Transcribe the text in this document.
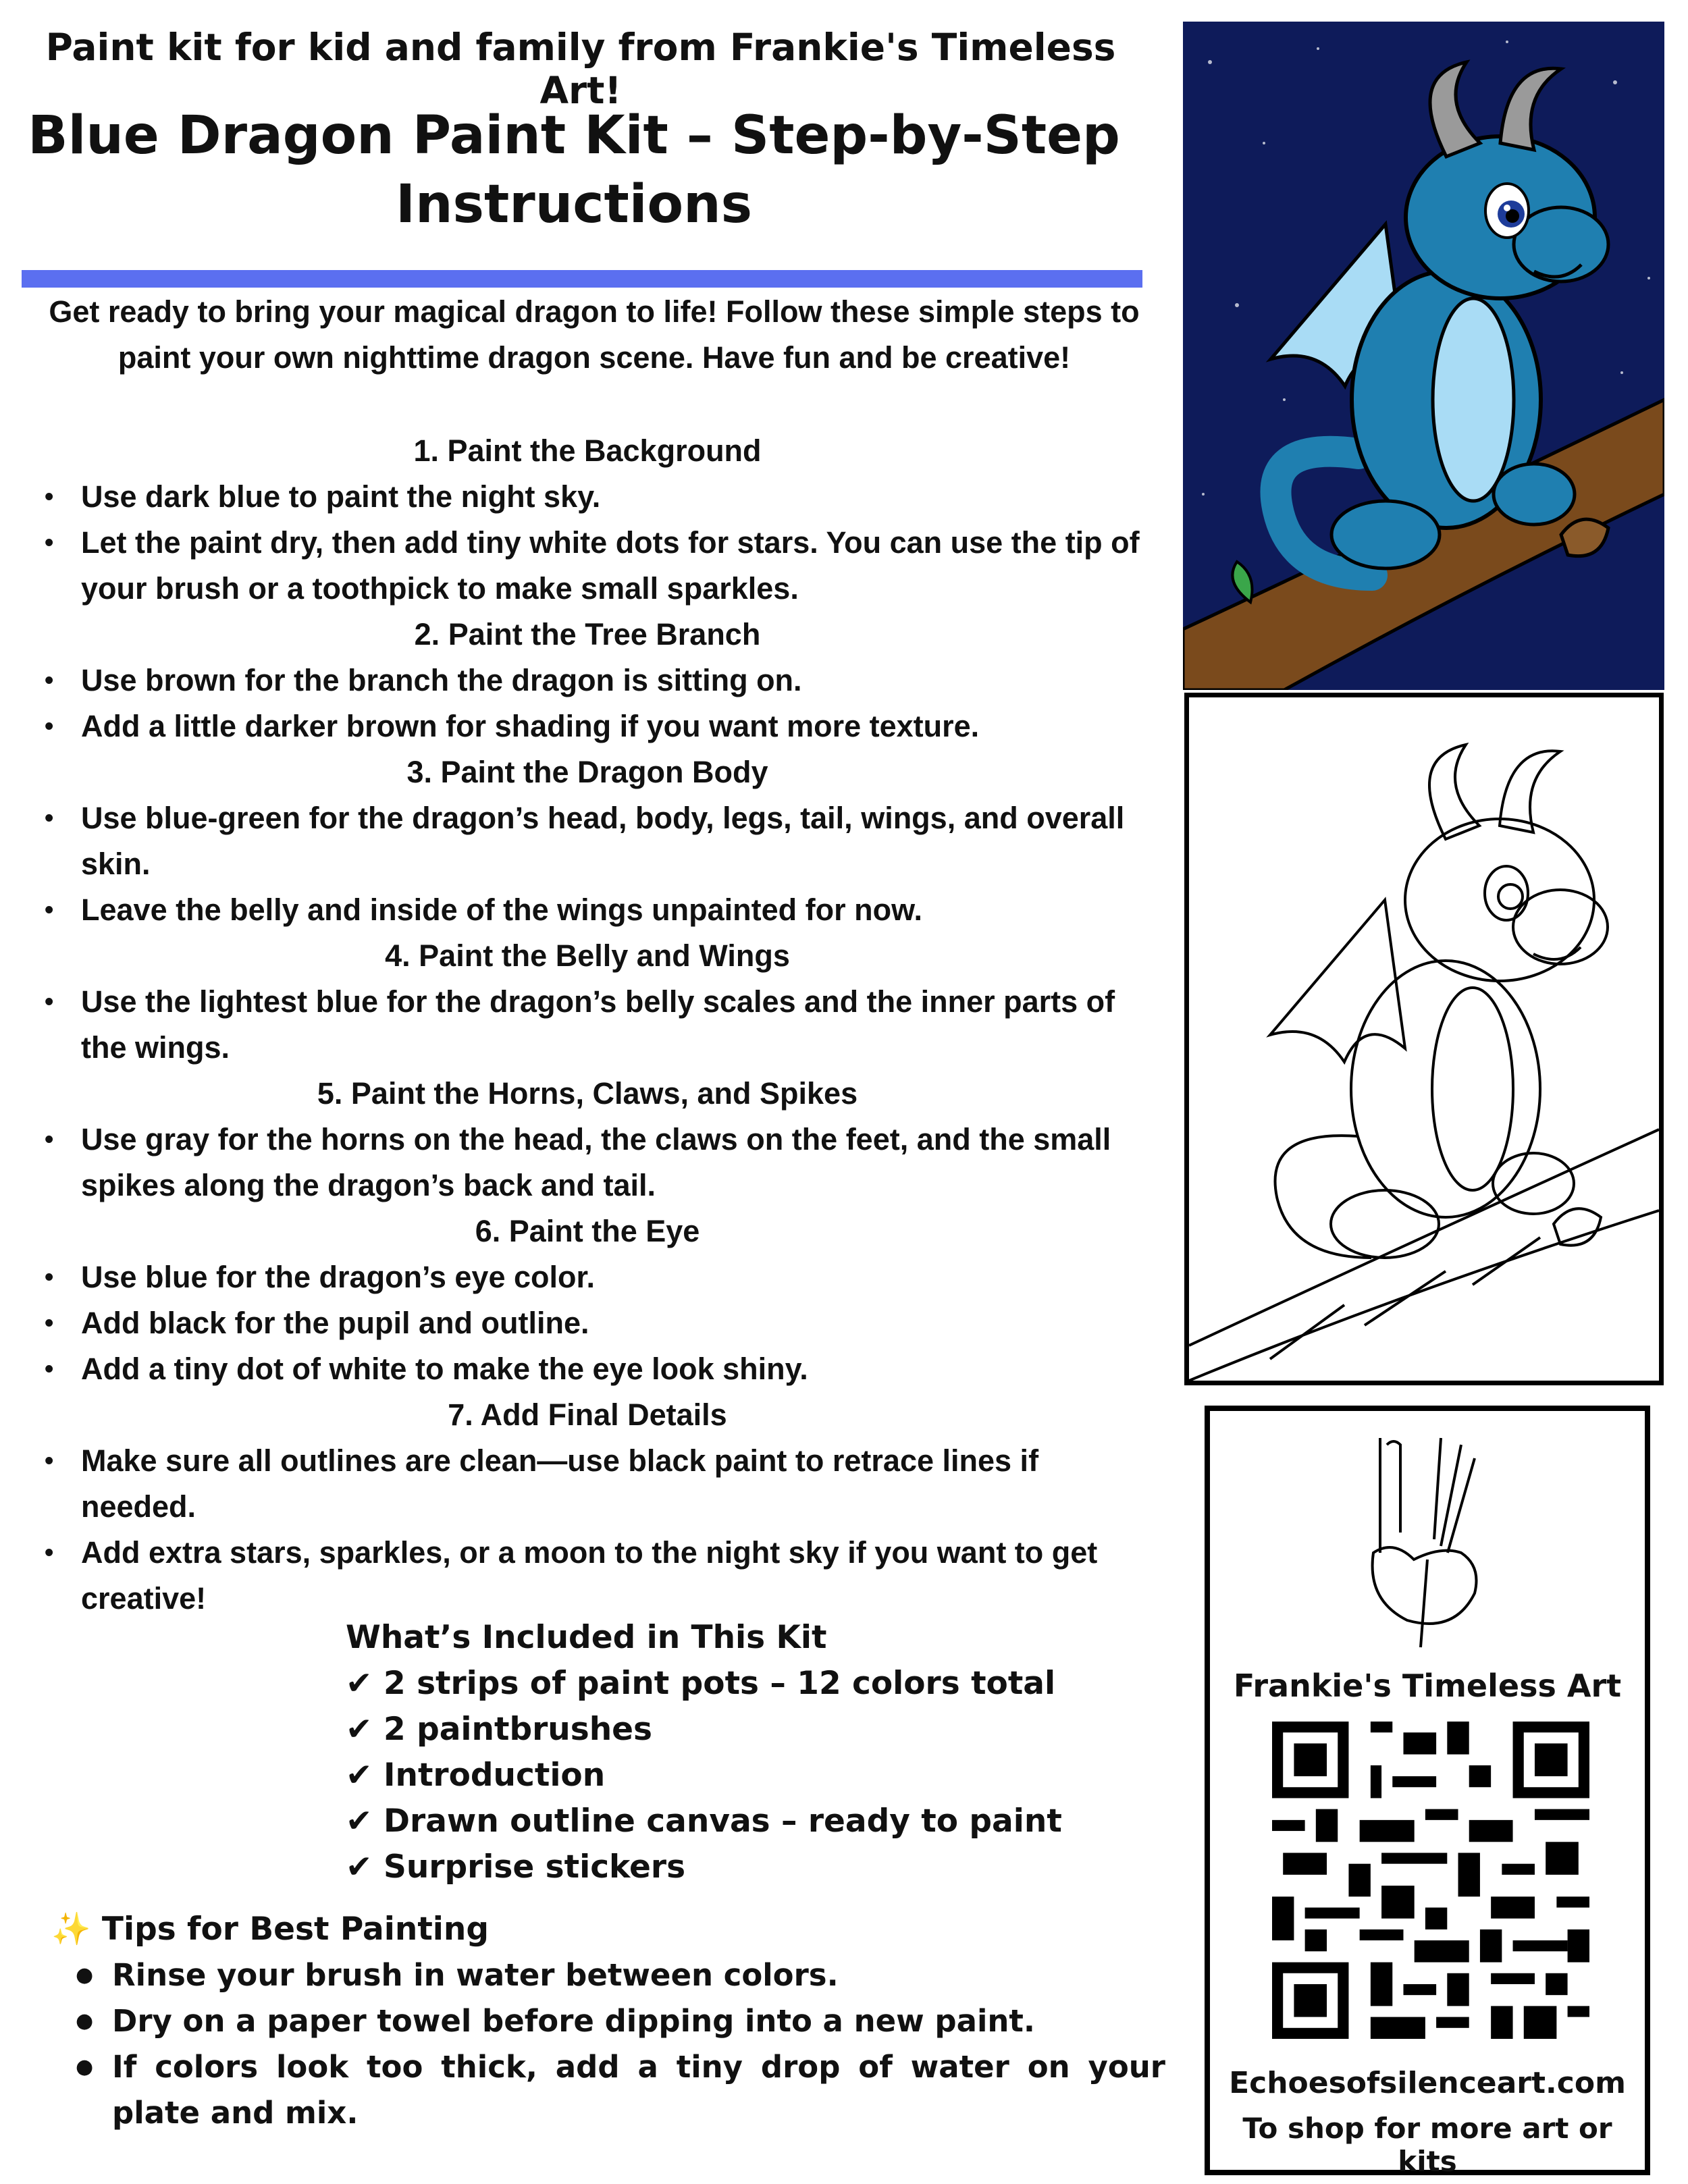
Paint kit for kid and family from Frankie's Timeless Art!
Blue Dragon Paint Kit – Step-by-Step
Instructions
Get ready to bring your magical dragon to life! Follow these simple steps to paint your own nighttime dragon scene. Have fun and be creative!
1. Paint the Background
• Use dark blue to paint the night sky.
• Let the paint dry, then add tiny white dots for stars. You can use the tip of your brush or a toothpick to make small sparkles.
2. Paint the Tree Branch
• Use brown for the branch the dragon is sitting on.
• Add a little darker brown for shading if you want more texture.
3. Paint the Dragon Body
• Use blue-green for the dragon’s head, body, legs, tail, wings, and overall skin.
• Leave the belly and inside of the wings unpainted for now.
4. Paint the Belly and Wings
• Use the lightest blue for the dragon’s belly scales and the inner parts of the wings.
5. Paint the Horns, Claws, and Spikes
• Use gray for the horns on the head, the claws on the feet, and the small spikes along the dragon’s back and tail.
6. Paint the Eye
• Use blue for the dragon’s eye color.
• Add black for the pupil and outline.
• Add a tiny dot of white to make the eye look shiny.
7. Add Final Details
• Make sure all outlines are clean—use black paint to retrace lines if needed.
• Add extra stars, sparkles, or a moon to the night sky if you want to get creative!
What’s Included in This Kit
✔ 2 strips of paint pots – 12 colors total
✔ 2 paintbrushes
✔ Introduction
✔ Drawn outline canvas – ready to paint
✔ Surprise stickers
✨ Tips for Best Painting
● Rinse your brush in water between colors.
● Dry on a paper towel before dipping into a new paint.
● If colors look too thick, add a tiny drop of water on your plate and mix.
Frankie's Timeless Art
Echoesofsilenceart.com
To shop for more art or kits
